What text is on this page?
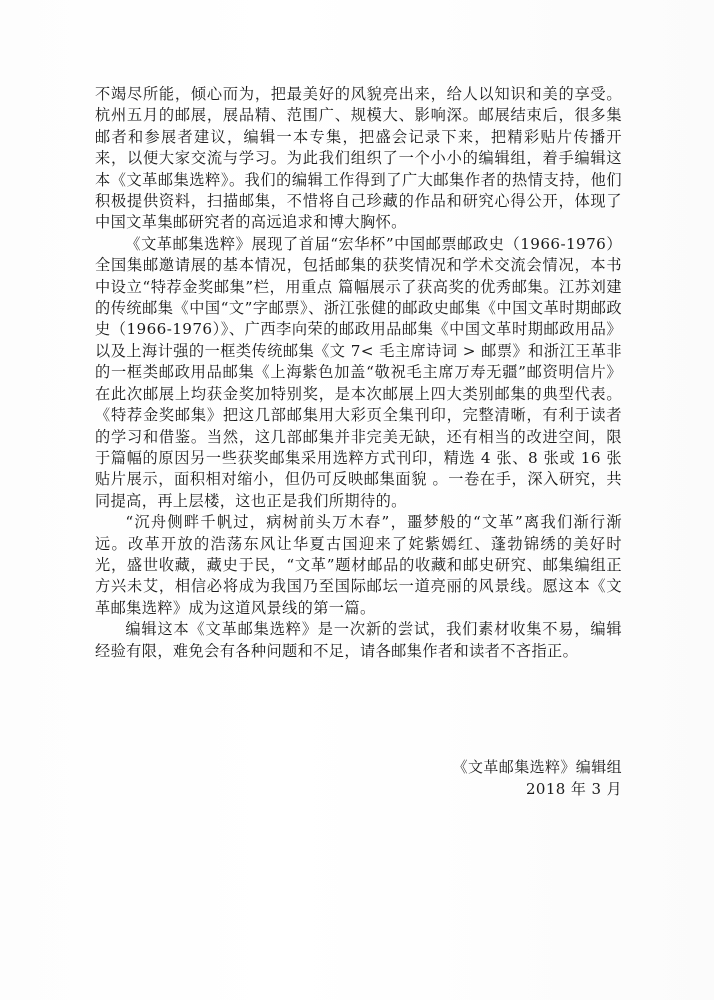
不竭尽所能，倾心而为，把最美好的风貌亮出来，给人以知识和美的享受。杭州五月的邮展，展品精、范围广、规模大、影响深。邮展结束后，很多集邮者和参展者建议，编辑一本专集，把盛会记录下来，把精彩贴片传播开来，以便大家交流与学习。为此我们组织了一个小小的编辑组，着手编辑这本《文革邮集选粹》。我们的编辑工作得到了广大邮集作者的热情支持，他们积极提供资料，扫描邮集，不惜将自己珍藏的作品和研究心得公开，体现了中国文革集邮研究者的高远追求和博大胸怀。

《文革邮集选粹》展现了首届“宏华杯”中国邮票邮政史（1966-1976）全国集邮邀请展的基本情况，包括邮集的获奖情况和学术交流会情况，本书中设立“特荐金奖邮集”栏，用重点 篇幅展示了获高奖的优秀邮集。江苏刘建的传统邮集《中国“文”字邮票》、浙江张健的邮政史邮集《中国文革时期邮政史（1966-1976）》、广西李向荣的邮政用品邮集《中国文革时期邮政用品》以及上海计强的一框类传统邮集《文 7< 毛主席诗词 > 邮票》和浙江王革非的一框类邮政用品邮集《上海紫色加盖“敬祝毛主席万寿无疆”邮资明信片》在此次邮展上均获金奖加特别奖，是本次邮展上四大类别邮集的典型代表。《特荐金奖邮集》把这几部邮集用大彩页全集刊印，完整清晰，有利于读者的学习和借鉴。当然，这几部邮集并非完美无缺，还有相当的改进空间，限于篇幅的原因另一些获奖邮集采用选粹方式刊印，精选 4 张、8 张或 16 张贴片展示，面积相对缩小，但仍可反映邮集面貌 。一卷在手，深入研究，共同提高，再上层楼，这也正是我们所期待的。

“沉舟侧畔千帆过，病树前头万木春”，噩梦般的“文革”离我们渐行渐远。改革开放的浩荡东风让华夏古国迎来了姹紫嫣红、蓬勃锦绣的美好时光，盛世收藏，藏史于民，“文革”题材邮品的收藏和邮史研究、邮集编组正方兴未艾，相信必将成为我国乃至国际邮坛一道亮丽的风景线。愿这本《文革邮集选粹》成为这道风景线的第一篇。

编辑这本《文革邮集选粹》是一次新的尝试，我们素材收集不易，编辑经验有限，难免会有各种问题和不足，请各邮集作者和读者不吝指正。

《文革邮集选粹》编辑组
2018 年 3 月
